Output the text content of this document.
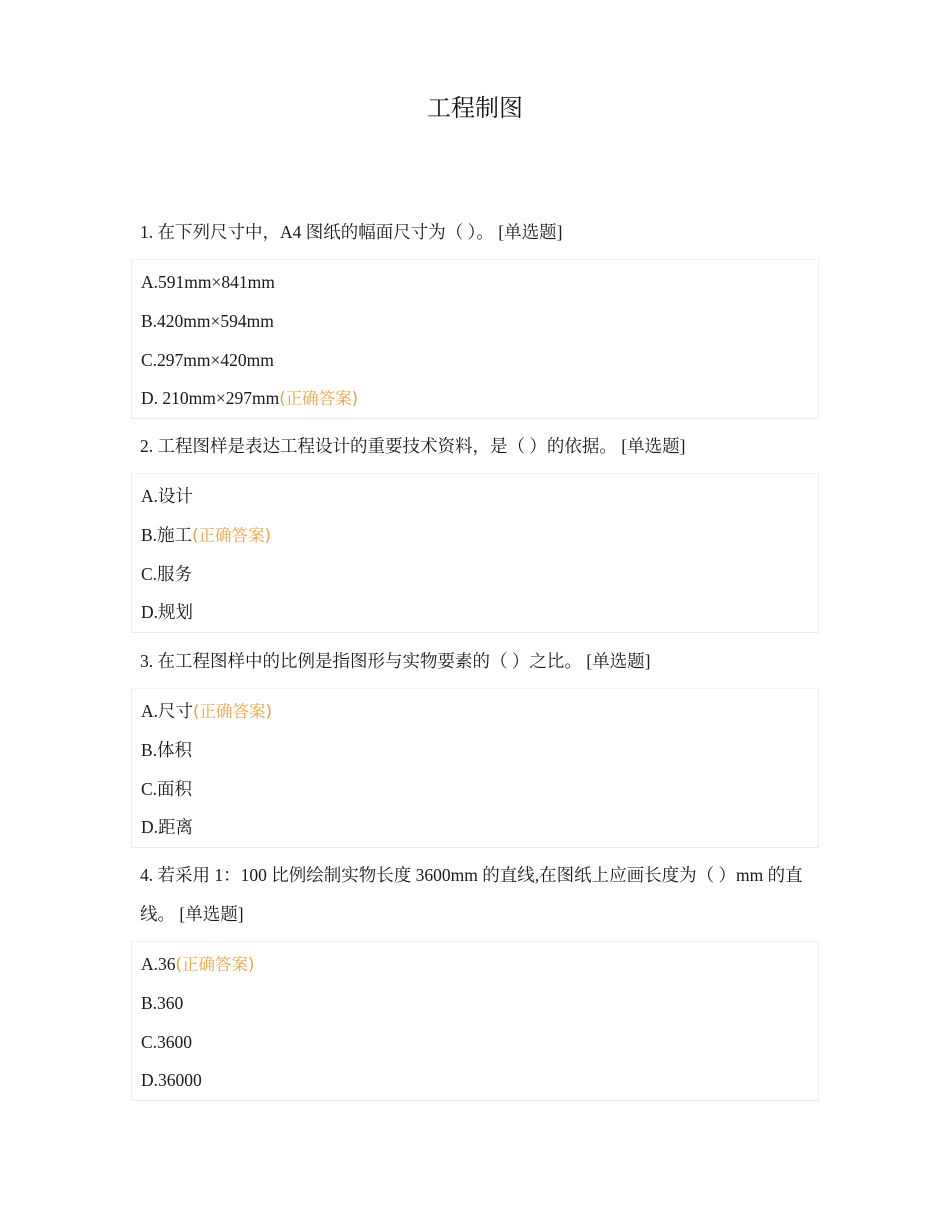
工程制图
1. 在下列尺寸中，A4 图纸的幅面尺寸为（ ）。 [单选题]
A.591mm×841mm
B.420mm×594mm
C.297mm×420mm
D. 210mm×297mm(正确答案)
2. 工程图样是表达工程设计的重要技术资料，是（ ）的依据。 [单选题]
A.设计
B.施工(正确答案)
C.服务
D.规划
3. 在工程图样中的比例是指图形与实物要素的（ ）之比。 [单选题]
A.尺寸(正确答案)
B.体积
C.面积
D.距离
4. 若采用 1：100 比例绘制实物长度 3600mm 的直线,在图纸上应画长度为（ ）mm 的直线。 [单选题]
A.36(正确答案)
B.360
C.3600
D.36000
